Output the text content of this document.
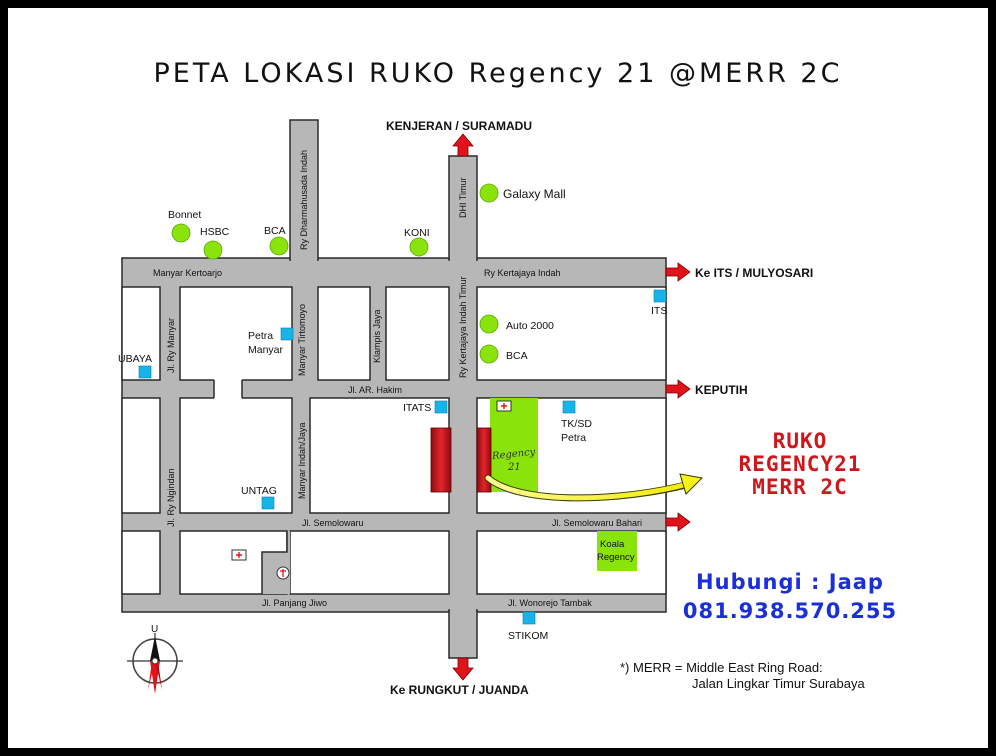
PETA LOKASI RUKO Regency 21 @MERR 2C
Manyar Kertoarjo	Ry Kertajaya Indah
Ry Dharmahusada Indah	DHI Timur
Ry Kertajaya Indah Timur
Jl. Ry Manyar	Manyar Tirtomoyo	Klampis Jaya
Jl. AR. Hakim
Jl. Ry Ngindan	Manyar Indah/Jaya
Jl. Semolowaru	Jl. Semolowaru Bahari
Jl. Panjang Jiwo	Jl. Wonorejo Tambak
KENJERAN / SURAMADU
Ke ITS / MULYOSARI
KEPUTIH
Ke RUNGKUT / JUANDA
Bonnet
HSBC	BCA	KONI
Galaxy Mall
ITS
Auto 2000
BCA
Petra
Manyar
UBAYA
ITATS
TK/SD
Petra
UNTAG
Koala
Regency
STIKOM
Regency
21
U
RUKO
REGENCY21
MERR 2C
Hubungi : Jaap
081.938.570.255
*) MERR = Middle East Ring Road:
Jalan Lingkar Timur Surabaya
